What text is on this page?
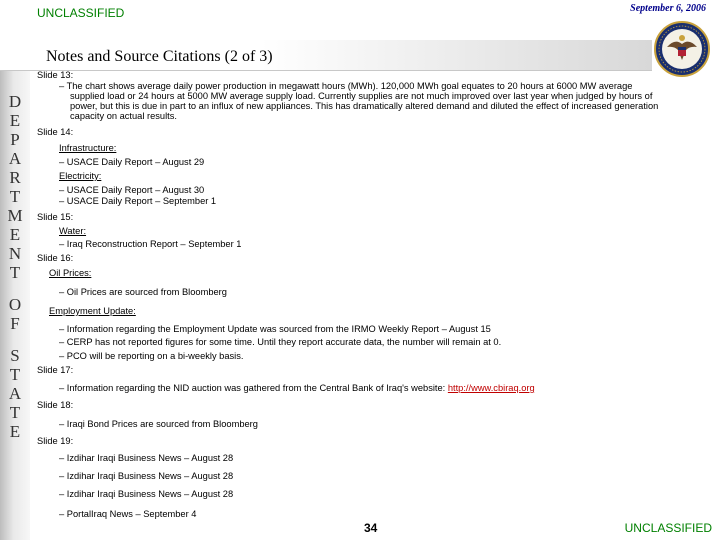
D
E
P
A
R
T
M
E
N
T
O
F
S
T
A
T
E
UNCLASSIFIED	September 6, 2006
Notes and Source Citations (2 of 3)
Slide 13:
– The chart shows average daily power production in megawatt hours (MWh). 120,000 MWh goal equates to 20 hours at 6000 MW average
supplied load or 24 hours at 5000 MW average supply load. Currently supplies are not much improved over last year when judged by hours of
power, but this is due in part to an influx of new appliances. This has dramatically altered demand and diluted the effect of increased generation
capacity on actual results.
Slide 14:
Infrastructure:
– USACE Daily Report – August 29
Electricity:
– USACE Daily Report – August 30
– USACE Daily Report – September 1
Slide 15:
Water:
– Iraq Reconstruction Report – September 1
Slide 16:
Oil Prices:
– Oil Prices are sourced from Bloomberg
Employment Update:
– Information regarding the Employment Update was sourced from the IRMO Weekly Report – August 15
– CERP has not reported figures for some time. Until they report accurate data, the number will remain at 0.
– PCO will be reporting on a bi-weekly basis.
Slide 17:
– Information regarding the NID auction was gathered from the Central Bank of Iraq's website: http://www.cbiraq.org
Slide 18:
– Iraqi Bond Prices are sourced from Bloomberg
Slide 19:
– Izdihar Iraqi Business News – August 28
– Izdihar Iraqi Business News – August 28
– Izdihar Iraqi Business News – August 28
– PortalIraq News – September 4
34	UNCLASSIFIED
